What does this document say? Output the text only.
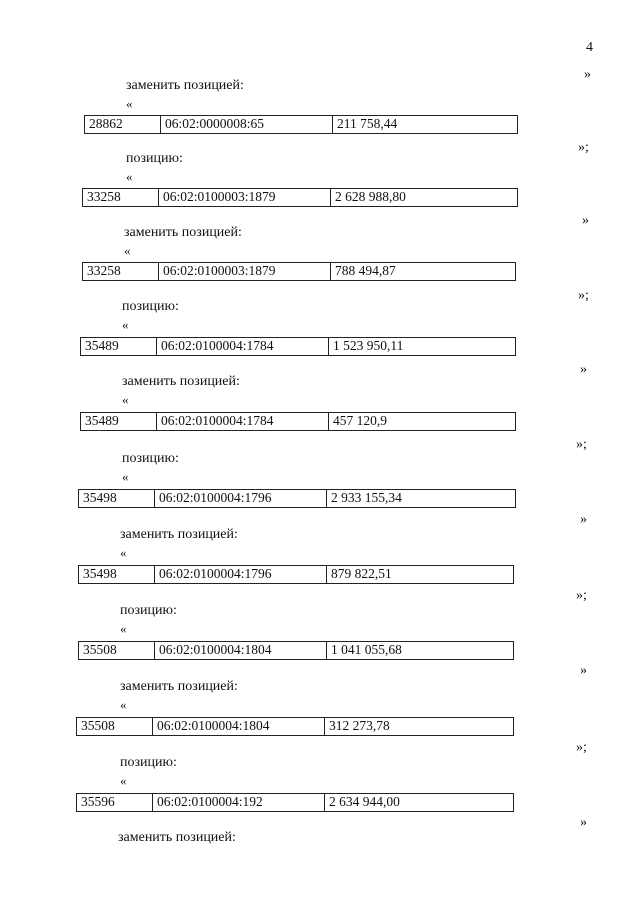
4
»
заменить позицией:
«
28862	06:02:0000008:65	211 758,44
»;
позицию:
«
33258	06:02:0100003:1879	2 628 988,80
»
заменить позицией:
«
33258	06:02:0100003:1879	788 494,87
»;
позицию:
«
35489	06:02:0100004:1784	1 523 950,11
»
заменить позицией:
«
35489	06:02:0100004:1784	457 120,9
»;
позицию:
«
35498	06:02:0100004:1796	2 933 155,34
»
заменить позицией:
«
35498	06:02:0100004:1796	879 822,51
»;
позицию:
«
35508	06:02:0100004:1804	1 041 055,68
»
заменить позицией:
«
35508	06:02:0100004:1804	312 273,78
»;
позицию:
«
35596	06:02:0100004:192	2 634 944,00
»
заменить позицией:
